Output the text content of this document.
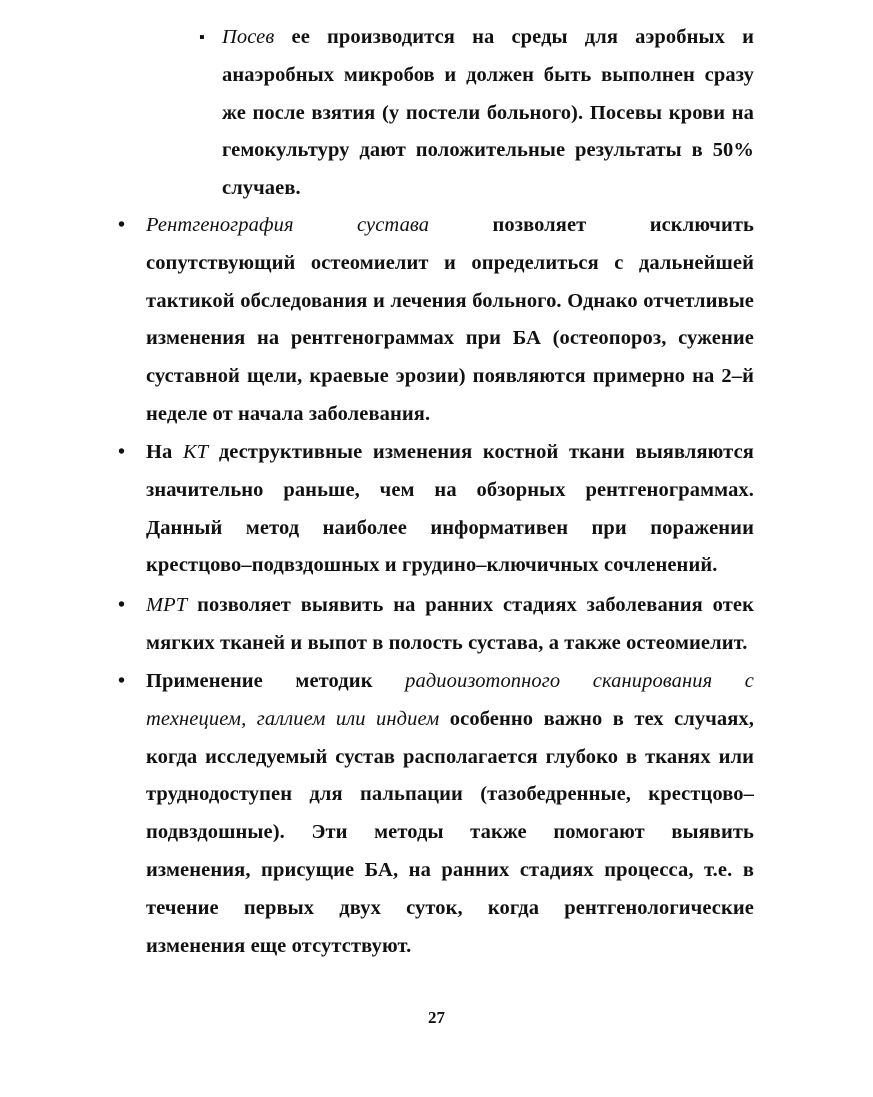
▪ Посев ее производится на среды для аэробных и
анаэробных микробов и должен быть выполнен сразу
же после взятия (у постели больного). Посевы крови на
гемокультуру дают положительные результаты в 50%
случаев.
• Рентгенография сустава позволяет исключить
сопутствующий остеомиелит и определиться с дальнейшей
тактикой обследования и лечения больного. Однако отчетливые
изменения на рентгенограммах при БА (остеопороз, сужение
суставной щели, краевые эрозии) появляются примерно на 2–й
неделе от начала заболевания.
• На КТ деструктивные изменения костной ткани выявляются
значительно раньше, чем на обзорных рентгенограммах.
Данный метод наиболее информативен при поражении
крестцово–подвздошных и грудино–ключичных сочленений.
• МРТ позволяет выявить на ранних стадиях заболевания отек
мягких тканей и выпот в полость сустава, а также остеомиелит.
• Применение методик радиоизотопного сканирования с
технецием, галлием или индием особенно важно в тех случаях,
когда исследуемый сустав располагается глубоко в тканях или
труднодоступен для пальпации (тазобедренные, крестцово–
подвздошные). Эти методы также помогают выявить
изменения, присущие БА, на ранних стадиях процесса, т.е. в
течение первых двух суток, когда рентгенологические
изменения еще отсутствуют.
27
